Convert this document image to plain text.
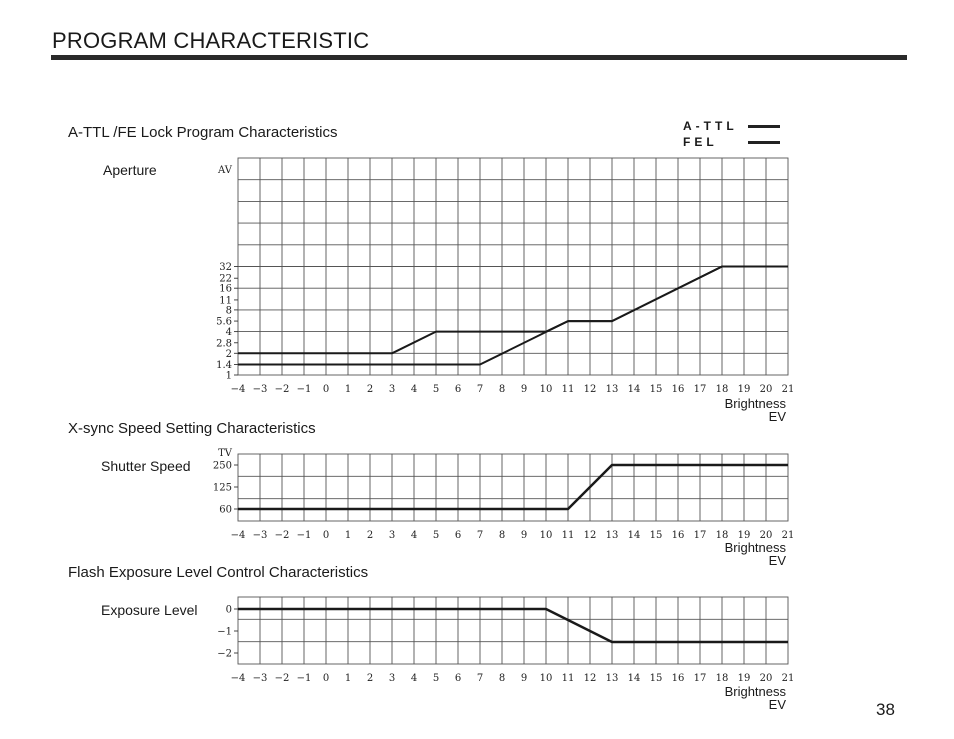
PROGRAM CHARACTERISTIC
A-TTL /FE Lock Program Characteristics
Aperture
A-TTL
FEL
Brightness
EV
X-sync Speed Setting Characteristics
Shutter Speed
Brightness
EV
Flash Exposure Level Control Characteristics
Exposure Level
Brightness
EV	38
−4 −3 −2 −1 0 1 2 3 4 5 6 7 8 9 10 11 12 13 14 15 16 17 18 19 20 21
32
22
16
11
8
5.6
4
2.8
2
1.4
1
AV
−4 −3 −2 −1 0 1 2 3 4 5 6 7 8 9 10 11 12 13 14 15 16 17 18 19 20 21
250
125
60
TV
−4 −3 −2 −1 0 1 2 3 4 5 6 7 8 9 10 11 12 13 14 15 16 17 18 19 20 21
0
−1
−2
